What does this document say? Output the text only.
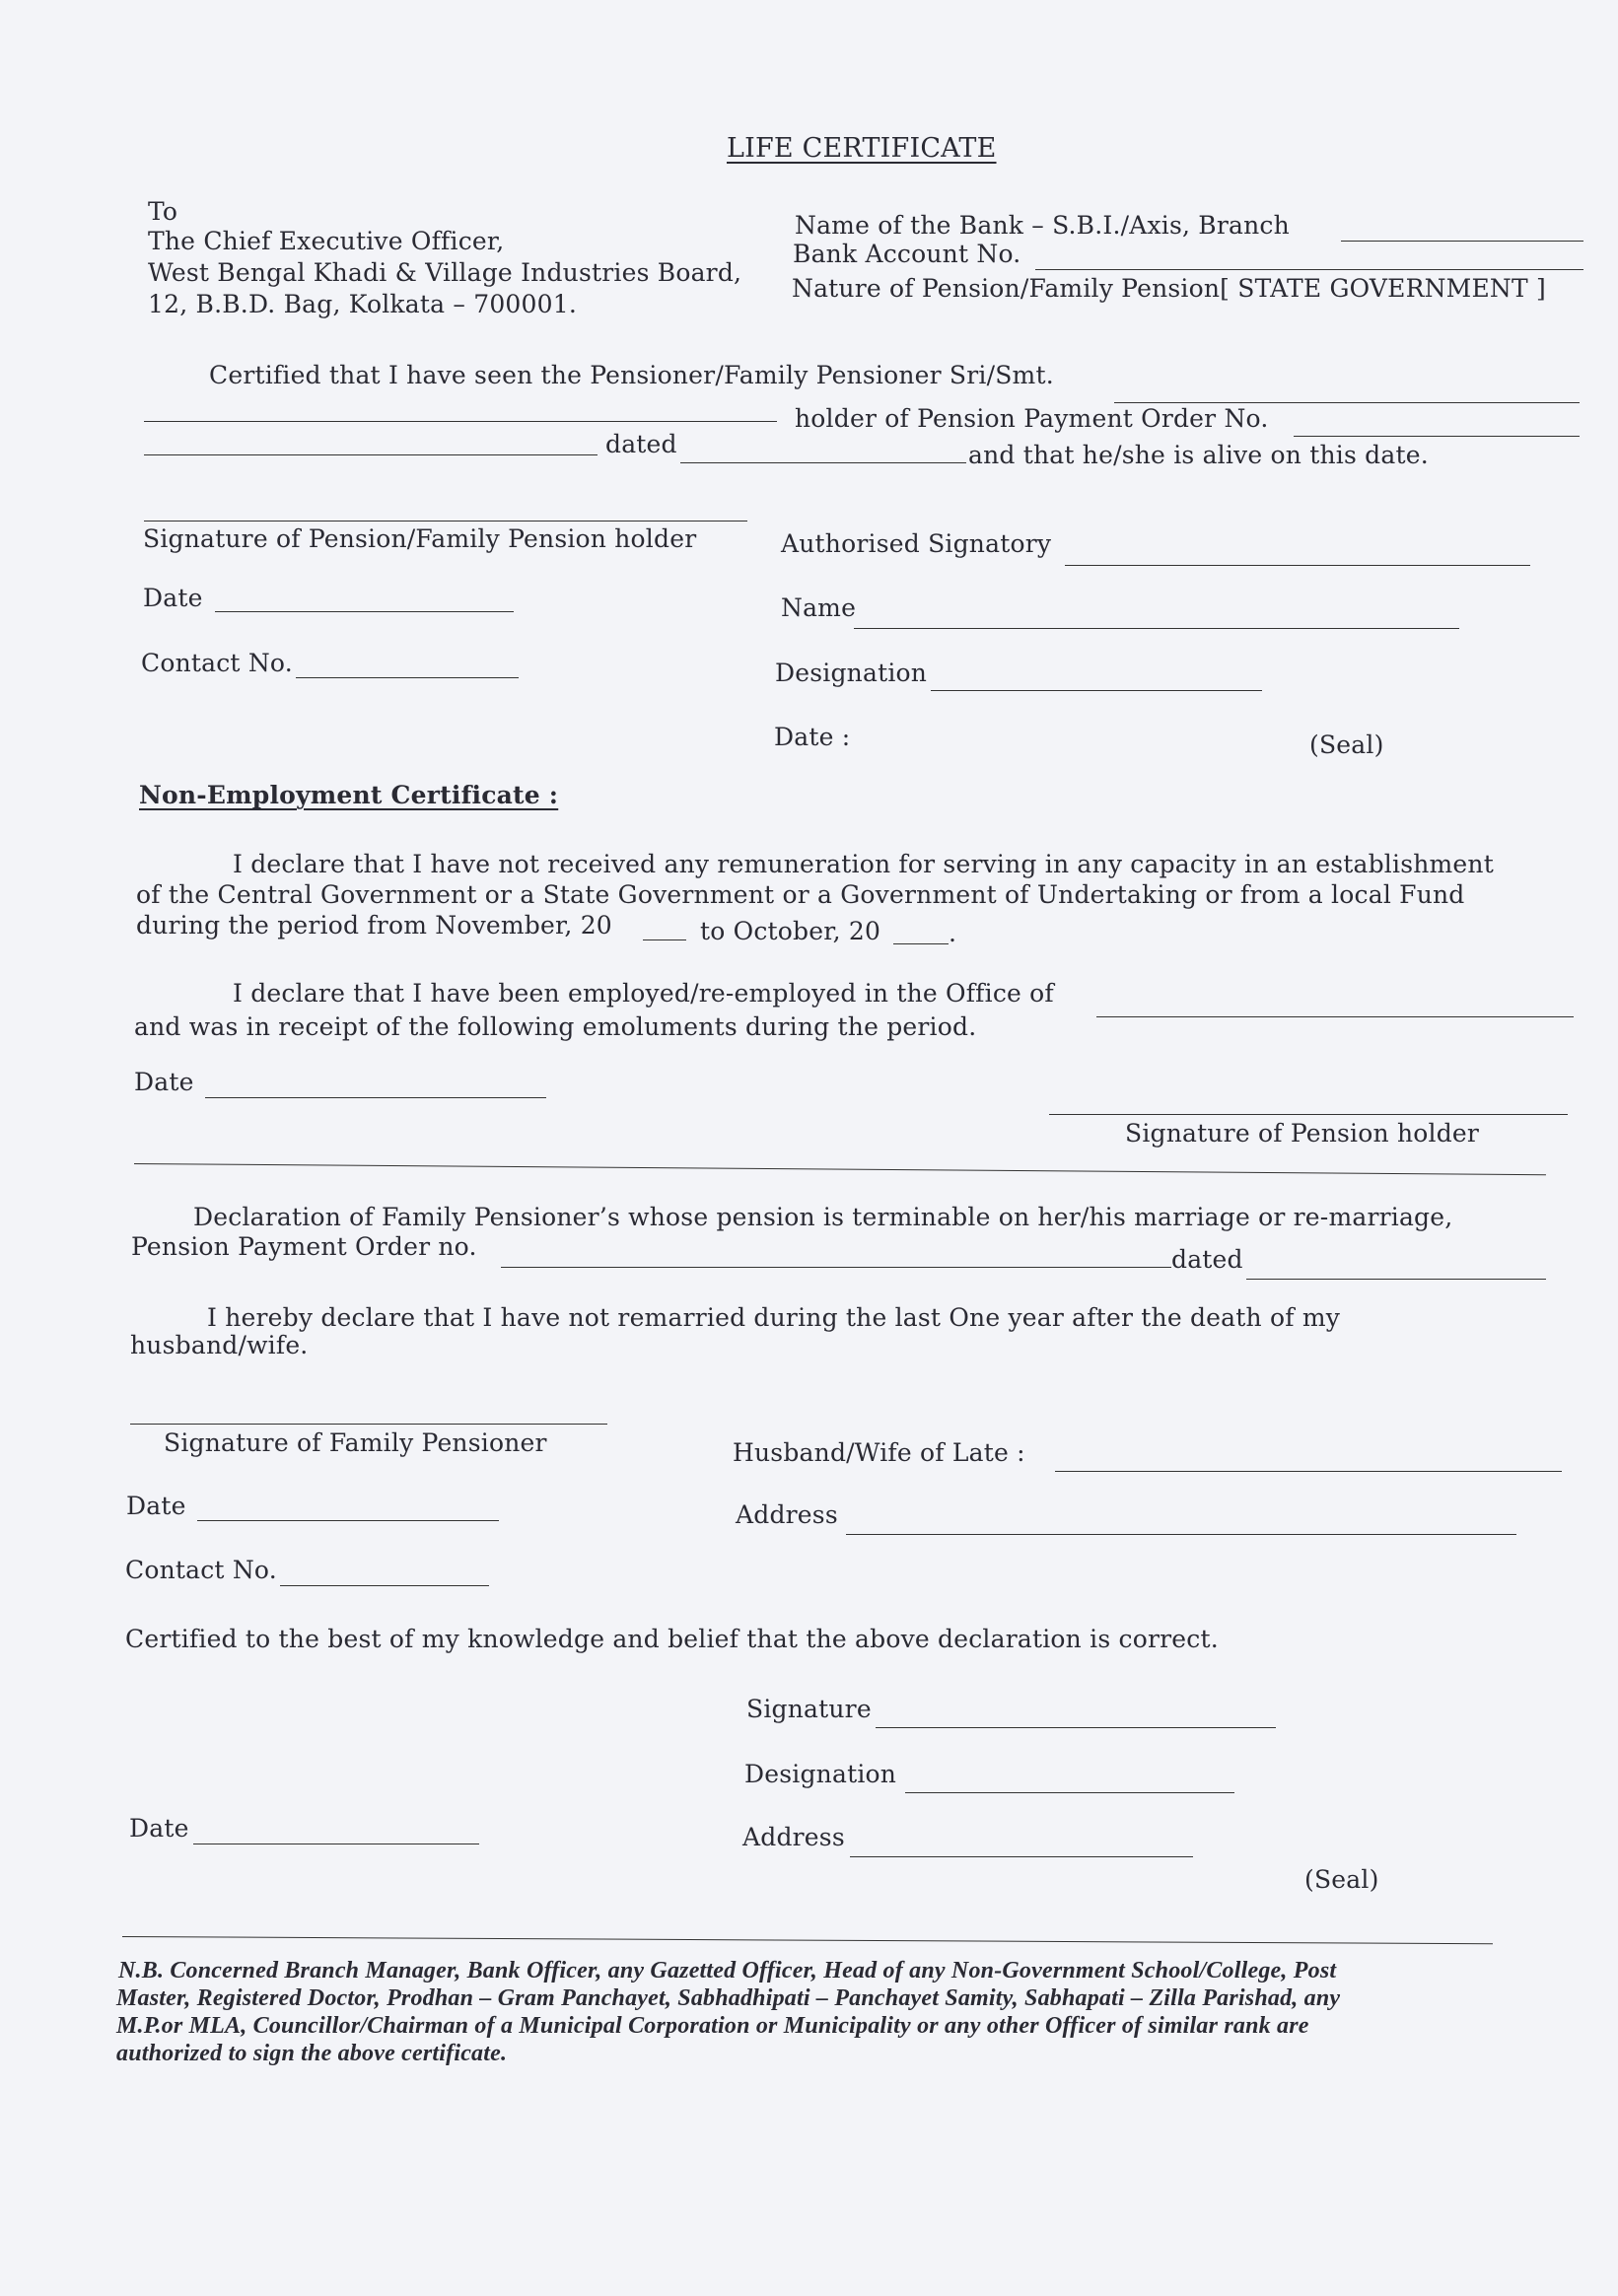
LIFE CERTIFICATE
To
The Chief Executive Officer,
West Bengal Khadi & Village Industries Board,
12, B.B.D. Bag, Kolkata – 700001.
Name of the Bank – S.B.I./Axis, Branch
Bank Account No.
Nature of Pension/Family Pension[ STATE GOVERNMENT ]
Certified that I have seen the Pensioner/Family Pensioner Sri/Smt.
holder of Pension Payment Order No.
dated	and that he/she is alive on this date.
Signature of Pension/Family Pension holder
Date
Contact No.
Authorised Signatory
Name
Designation
Date :	(Seal)
Non-Employment Certificate :
I declare that I have not received any remuneration for serving in any capacity in an establishment
of the Central Government or a State Government or a Government of Undertaking or from a local Fund
during the period from November, 20	to October, 20	.
I declare that I have been employed/re-employed in the Office of
and was in receipt of the following emoluments during the period.
Date
Signature of Pension holder
Declaration of Family Pensioner’s whose pension is terminable on her/his marriage or re-marriage,
Pension Payment Order no.	dated
I hereby declare that I have not remarried during the last One year after the death of my
husband/wife.
Signature of Family Pensioner
Date
Contact No.
Husband/Wife of Late :
Address
Certified to the best of my knowledge and belief that the above declaration is correct.
Signature
Designation
Date	Address
(Seal)
N.B. Concerned Branch Manager, Bank Officer, any Gazetted Officer, Head of any Non-Government School/College, Post
Master, Registered Doctor, Prodhan – Gram Panchayet, Sabhadhipati – Panchayet Samity, Sabhapati – Zilla Parishad, any
M.P.or MLA, Councillor/Chairman of a Municipal Corporation or Municipality or any other Officer of similar rank are
authorized to sign the above certificate.
